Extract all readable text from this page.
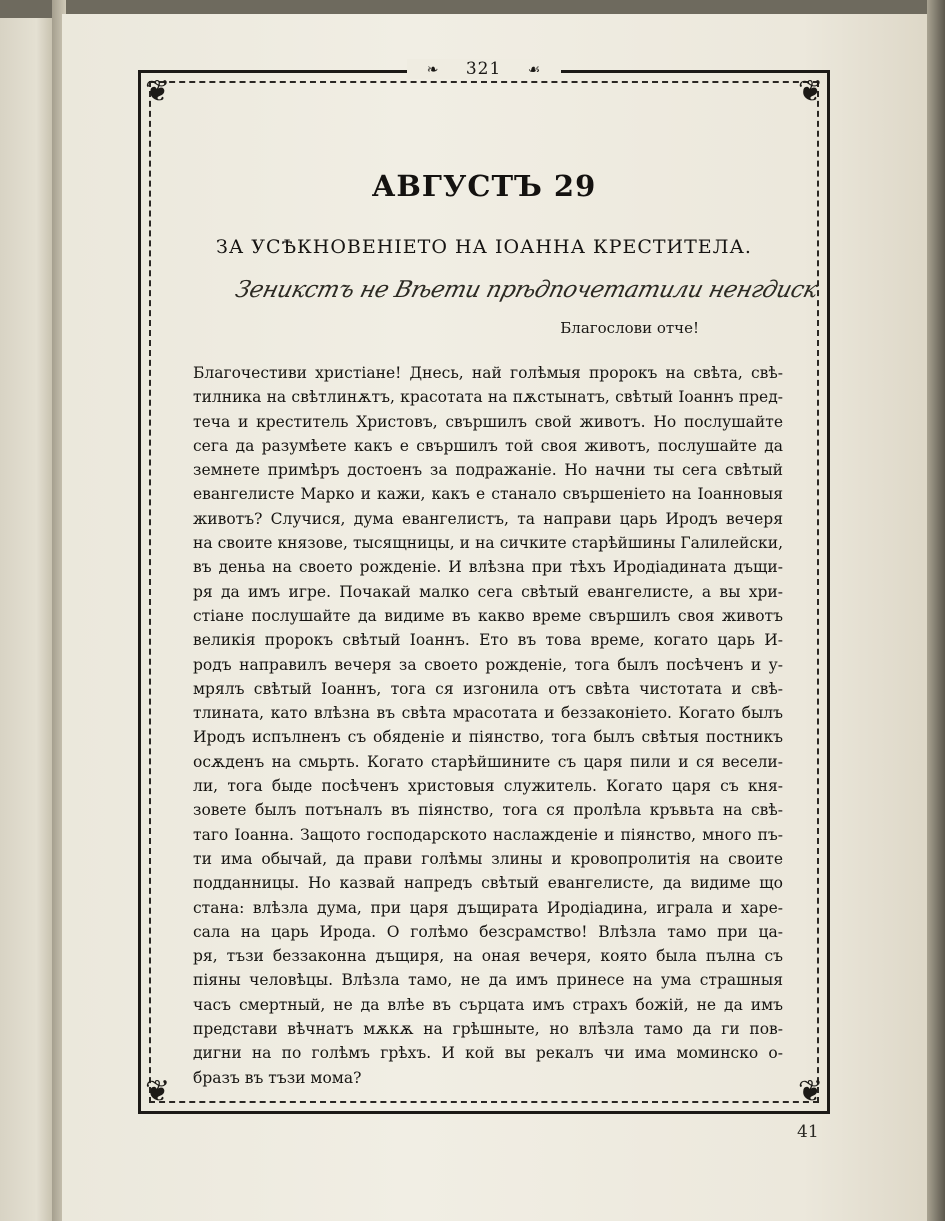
❦	❦
❦	❦
❧ 321 ☙
АВГУСТЪ 29
ЗА УСѢКНОВЕНІЕТО НА ІОАННА КРЕСТИТЕЛА.
Зеникстъ не Вѣети прѣдпочетатили ненгдиск
Благослови отче!
Благочестиви христіане! Днесь, най голѣмыя пророкъ на свѣта, свѣ-
тилника на свѣтлинѫтъ, красотата на пѫстынатъ, свѣтый Іоаннъ пред-
теча и креститель Христовъ, свършилъ свой животъ. Но послушайте
сега да разумѣете какъ е свършилъ той своя животъ, послушайте да
земнете примѣръ достоенъ за подражаніе. Но начни ты сега свѣтый
евангелисте Марко и кажи, какъ е станало свършеніето на Іоанновыя
животъ? Случися, дума евангелистъ, та направи царь Иродъ вечеря
на своите князове, тысящницы, и на сичките старѣйшины Галилейски,
въ деньа на своето рожденіе. И влѣзна при тѣхъ Иродіадината дъщи-
ря да имъ игре. Почакай малко сега свѣтый евангелисте, а вы хри-
стіане послушайте да видиме въ какво време свършилъ своя животъ
великія пророкъ свѣтый Іоаннъ. Ето въ това време, когато царь И-
родъ направилъ вечеря за своето рожденіе, тога былъ посѣченъ и у-
мрялъ свѣтый Іоаннъ, тога ся изгонила отъ свѣта чистотата и свѣ-
тлината, като влѣзна въ свѣта мрасотата и беззаконіето. Когато былъ
Иродъ испълненъ съ обяденіе и піянство, тога былъ свѣтыя постникъ
осѫденъ на смьрть. Когато старѣйшините съ царя пили и ся весели-
ли, тога быде посѣченъ христовыя служитель. Когато царя съ кня-
зовете былъ потъналъ въ піянство, тога ся пролѣла кръвьта на свѣ-
таго Іоанна. Защото господарското наслажденіе и піянство, много пъ-
ти има обычай, да прави голѣмы злины и кровопролитія на своите
подданницы. Но казвай напредъ свѣтый евангелисте, да видиме що
стана: влѣзла дума, при царя дъщирата Иродіадина, играла и харе-
сала на царь Ирода. О голѣмо безсрамство! Влѣзла тамо при ца-
ря, тъзи беззаконна дъщиря, на оная вечеря, която была пълна съ
піяны человѣцы. Влѣзла тамо, не да имъ принесе на ума страшныя
часъ смертный, не да влѣе въ сърцата имъ страхъ божій, не да имъ
представи вѣчнатъ мѫкѫ на грѣшныте, но влѣзла тамо да ги пов-
дигни на по голѣмъ грѣхъ. И кой вы рекалъ чи има моминско о-
бразъ въ тъзи мома?
41
